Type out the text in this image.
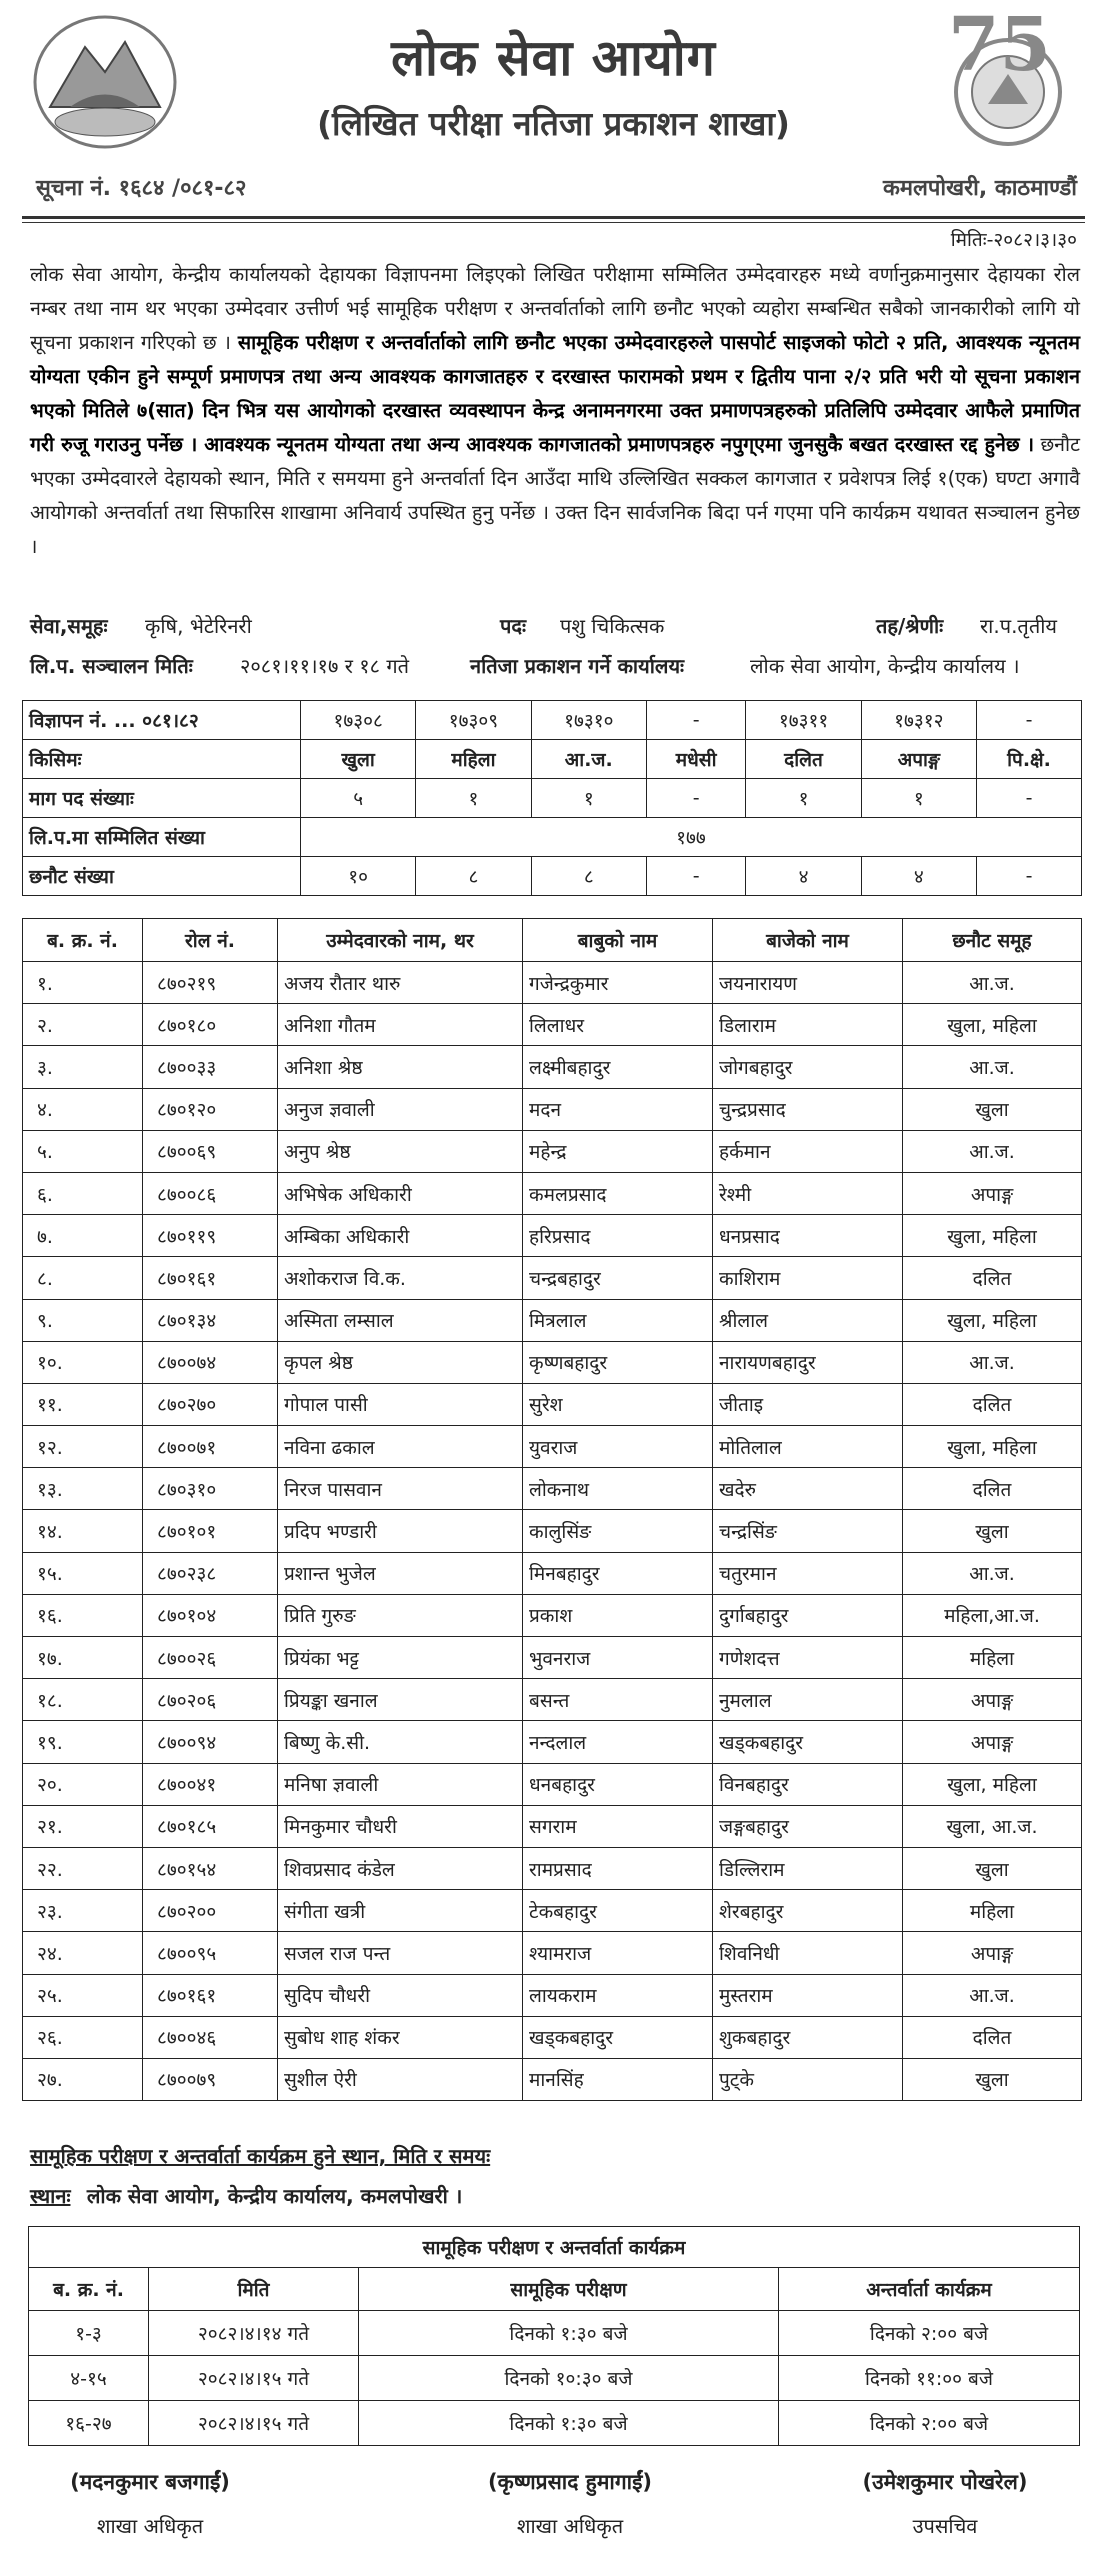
75
लोक सेवा आयोग
(लिखित परीक्षा नतिजा प्रकाशन शाखा)
सूचना नं. १६८४ /०८१-८२	कमलपोखरी, काठमाण्डौं
मितिः-२०८२।३।३०
लोक सेवा आयोग, केन्द्रीय कार्यालयको देहायका विज्ञापनमा लिइएको लिखित परीक्षामा सम्मिलित उम्मेदवारहरु मध्ये वर्णानुक्रमानुसार देहायका रोल नम्बर तथा नाम थर भएका उम्मेदवार उत्तीर्ण भई सामूहिक परीक्षण र अन्तर्वार्ताको लागि छनौट भएको व्यहोरा सम्बन्धित सबैको जानकारीको लागि यो सूचना प्रकाशन गरिएको छ । सामूहिक परीक्षण र अन्तर्वार्ताको लागि छनौट भएका उम्मेदवारहरुले पासपोर्ट साइजको फोटो २ प्रति, आवश्यक न्यूनतम योग्यता एकीन हुने सम्पूर्ण प्रमाणपत्र तथा अन्य आवश्यक कागजातहरु र दरखास्त फारामको प्रथम र द्वितीय पाना २/२ प्रति भरी यो सूचना प्रकाशन भएको मितिले ७(सात) दिन भित्र यस आयोगको दरखास्त व्यवस्थापन केन्द्र अनामनगरमा उक्त प्रमाणपत्रहरुको प्रतिलिपि उम्मेदवार आफैले प्रमाणित गरी रुजू गराउनु पर्नेछ । आवश्यक न्यूनतम योग्यता तथा अन्य आवश्यक कागजातको प्रमाणपत्रहरु नपुग्एमा जुनसुकै बखत दरखास्त रद्द हुनेछ । छनौट भएका उम्मेदवारले देहायको स्थान, मिति र समयमा हुने अन्तर्वार्ता दिन आउँदा माथि उल्लिखित सक्कल कागजात र प्रवेशपत्र लिई १(एक) घण्टा अगावै आयोगको अन्तर्वार्ता तथा सिफारिस शाखामा अनिवार्य उपस्थित हुनु पर्नेछ । उक्त दिन सार्वजनिक बिदा पर्न गएमा पनि कार्यक्रम यथावत सञ्चालन हुनेछ ।
सेवा,समूहः कृषि, भेटेरिनरी	पदः पशु चिकित्सक	तह/श्रेणीः रा.प.तृतीय
लि.प. सञ्चालन मितिः २०८१।११।१७ र १८ गते	नतिजा प्रकाशन गर्ने कार्यालयः	लोक सेवा आयोग, केन्द्रीय कार्यालय ।
विज्ञापन नं. ... ०८१।८२	१७३०८	१७३०९	१७३१०	-	१७३११	१७३१२	-
किसिमः	खुला	महिला	आ.ज.	मधेसी	दलित	अपाङ्ग	पि.क्षे.
माग पद संख्याः	५	१	१	-	१	१	-
लि.प.मा सम्मिलित संख्या	१७७						
छनौट संख्या	१०	८	८	-	४	४	-
ब. क्र. नं.	रोल नं.	उम्मेदवारको नाम, थर	बाबुको नाम	बाजेको नाम	छनौट समूह
१.	८७०२१९	अजय रौतार थारु	गजेन्द्रकुमार	जयनारायण	आ.ज.
२.	८७०१८०	अनिशा गौतम	लिलाधर	डिलाराम	खुला, महिला
३.	८७००३३	अनिशा श्रेष्ठ	लक्ष्मीबहादुर	जोगबहादुर	आ.ज.
४.	८७०१२०	अनुज ज्ञवाली	मदन	चुन्द्रप्रसाद	खुला
५.	८७००६९	अनुप श्रेष्ठ	महेन्द्र	हर्कमान	आ.ज.
६.	८७००८६	अभिषेक अधिकारी	कमलप्रसाद	रेश्मी	अपाङ्ग
७.	८७०११९	अम्बिका अधिकारी	हरिप्रसाद	धनप्रसाद	खुला, महिला
८.	८७०१६१	अशोकराज वि.क.	चन्द्रबहादुर	काशिराम	दलित
९.	८७०१३४	अस्मिता लम्साल	मित्रलाल	श्रीलाल	खुला, महिला
१०.	८७००७४	कृपल श्रेष्ठ	कृष्णबहादुर	नारायणबहादुर	आ.ज.
११.	८७०२७०	गोपाल पासी	सुरेश	जीताइ	दलित
१२.	८७००७१	नविना ढकाल	युवराज	मोतिलाल	खुला, महिला
१३.	८७०३१०	निरज पासवान	लोकनाथ	खदेरु	दलित
१४.	८७०१०१	प्रदिप भण्डारी	कालुसिंङ	चन्द्रसिंङ	खुला
१५.	८७०२३८	प्रशान्त भुजेल	मिनबहादुर	चतुरमान	आ.ज.
१६.	८७०१०४	प्रिति गुरुङ	प्रकाश	दुर्गाबहादुर	महिला,आ.ज.
१७.	८७००२६	प्रियंका भट्ट	भुवनराज	गणेशदत्त	महिला
१८.	८७०२०६	प्रियङ्का खनाल	बसन्त	नुमलाल	अपाङ्ग
१९.	८७००९४	बिष्णु के.सी.	नन्दलाल	खड्कबहादुर	अपाङ्ग
२०.	८७००४१	मनिषा ज्ञवाली	धनबहादुर	विनबहादुर	खुला, महिला
२१.	८७०१८५	मिनकुमार चौधरी	सगराम	जङ्गबहादुर	खुला, आ.ज.
२२.	८७०१५४	शिवप्रसाद कंडेल	रामप्रसाद	डिल्लिराम	खुला
२३.	८७०२००	संगीता खत्री	टेकबहादुर	शेरबहादुर	महिला
२४.	८७००९५	सजल राज पन्त	श्यामराज	शिवनिधी	अपाङ्ग
२५.	८७०१६१	सुदिप चौधरी	लायकराम	मुस्तराम	आ.ज.
२६.	८७००४६	सुबोध शाह शंकर	खड्कबहादुर	शुकबहादुर	दलित
२७.	८७००७९	सुशील ऐरी	मानसिंह	पुट्के	खुला
सामूहिक परीक्षण र अन्तर्वार्ता कार्यक्रम हुने स्थान, मिति र समयः
स्थानः लोक सेवा आयोग, केन्द्रीय कार्यालय, कमलपोखरी ।
सामूहिक परीक्षण र अन्तर्वार्ता कार्यक्रम			
ब. क्र. नं.	मिति	सामूहिक परीक्षण	अन्तर्वार्ता कार्यक्रम
१-३	२०८२।४।१४ गते	दिनको १:३० बजे	दिनको २:०० बजे
४-१५	२०८२।४।१५ गते	दिनको १०:३० बजे	दिनको ११:०० बजे
१६-२७	२०८२।४।१५ गते	दिनको १:३० बजे	दिनको २:०० बजे
(मदनकुमार बजगाईं)
शाखा अधिकृत
(कृष्णप्रसाद हुमागाईं)
शाखा अधिकृत
(उमेशकुमार पोखरेल)
उपसचिव
